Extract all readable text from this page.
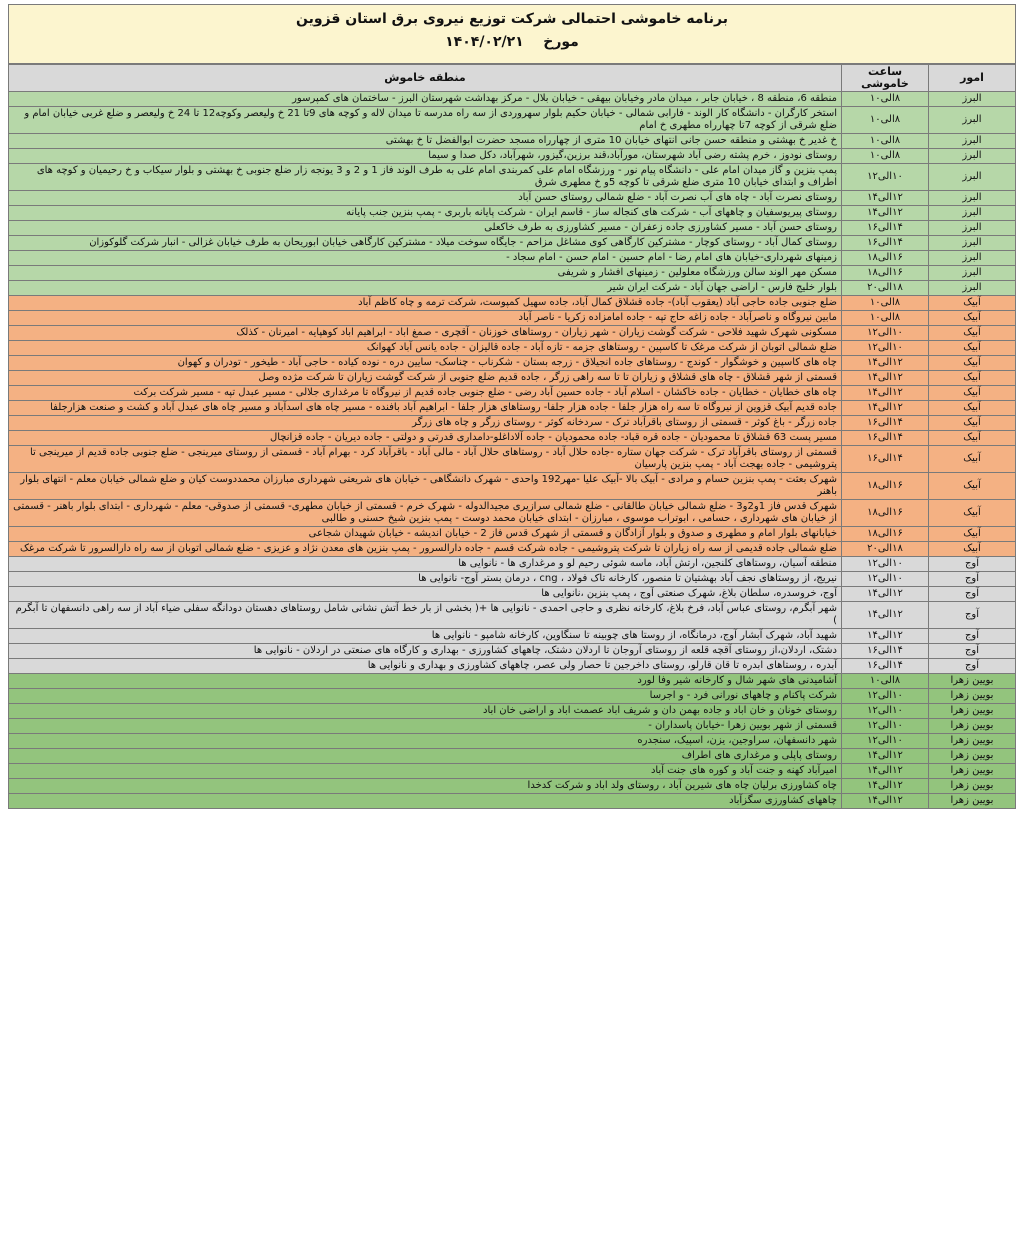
برنامه خاموشی احتمالی شرکت توزیع نیروی برق استان قزوین
مورخ    ۱۴۰۴/۰۲/۲۱
امور	ساعت خاموشی	منطقه خاموش
البرز	۸الی۱۰	منطقه 6، منطقه 8 ، خیابان جابر ، میدان مادر وخیابان بیهقی - خیابان بلال - مرکز بهداشت شهرستان البرز - ساختمان های کمپرسور
البرز	۸الی۱۰	استخر کارگران - دانشگاه کار الوند - فارابی شمالی - خیابان حکیم بلوار سهروردی از سه راه مدرسه تا میدان لاله و کوچه های 9تا 21 خ ولیعصر وکوچه12 تا 24 خ ولیعصر و ضلع غربی خیابان امام و ضلع شرقی از کوچه 7تا چهارراه مطهری خ امام
البرز	۸الی۱۰	خ غدیر خ بهشتی و منطقه حسن جانی انتهای خیابان 10 متری از چهارراه مسجد حضرت ابوالفضل تا خ بهشتی
البرز	۸الی۱۰	روستای نودوز ، خرم پشته رضی آباد شهرستان، مورآباد،قند برزین،گیزور، شهرآباد، دکل صدا و سیما
البرز	۱۰الی۱۲	پمپ بنزین و گاز میدان امام علی - دانشگاه پیام نور - ورزشگاه امام علی کمربندی امام علی به طرف الوند فاز 1 و 2 و 3 یونجه زار ضلع جنوبی خ بهشتی و بلوار سیکاب و خ رحیمیان و کوچه های اطراف و ابتدای خیابان 10 متری ضلع شرقی تا کوچه 5و خ مطهری شرق
البرز	۱۲الی۱۴	روستای نصرت آباد - چاه های آب نصرت آباد - ضلع شمالی روستای حسن آباد
البرز	۱۲الی۱۴	روستای پیریوسفیان و چاههای آب - شرکت های کنجاله ساز - قاسم ایران - شرکت پایانه باربری - پمپ بنزین جنب پایانه
البرز	۱۴الی۱۶	روستای حسن آباد - مسیر کشاورزی جاده زعفران - مسیر کشاورزی به طرف خاکعلی
البرز	۱۴الی۱۶	روستای کمال آباد - روستای کوچار - مشترکین کارگاهی کوی مشاغل مزاحم - جایگاه سوخت میلاد - مشترکین کارگاهی خیابان ابوریحان به طرف خیابان غزالی - انبار شرکت گلوکوزان
البرز	۱۶الی۱۸	زمینهای شهرداری-خیابان های امام رضا - امام حسین - امام حسن - امام سجاد -
البرز	۱۶الی۱۸	مسکن مهر الوند سالن ورزشگاه معلولین - زمینهای افشار و شریفی
البرز	۱۸الی۲۰	بلوار خلیج فارس - اراضی جهان آباد - شرکت ایران شیر
آبیک	۸الی۱۰	ضلع جنوبی جاده حاجی آباد (یعقوب آباد)- جاده قشلاق کمال آباد، جاده سهیل کمپوست، شرکت ترمه و چاه کاظم آباد
آبیک	۸الی۱۰	مابین نیروگاه و ناصرآباد - جاده زاغه حاج تپه - جاده امامزاده زکریا - ناصر آباد
آبیک	۱۰الی۱۲	مسکونی شهرک شهید فلاحی - شرکت گوشت زیاران - شهر زیاران - روستاهای خوزنان - آقچری - صمغ اباد - ابراهیم اباد کوهپایه - امیرنان - کذلک
آبیک	۱۰الی۱۲	ضلع شمالی اتوبان از شرکت مرغک تا کاسپین - روستاهای جزمه - تازه آباد - جاده قالیزان - جاده یانس آباد کهوانک
آبیک	۱۲الی۱۴	چاه های کاسپین و خوشگوار - کوندج - روستاهای جاده انجیلاق - زرجه بستان - شکرناب - چناسک- سایین دره - نوده کیاده - حاجی آباد - طیخور - تودران و کهوان
آبیک	۱۲الی۱۴	قسمتی از شهر قشلاق - چاه های قشلاق و زیاران تا تا سه راهی زرگر ، جاده قدیم ضلع جنوبی از شرکت گوشت زیاران تا شرکت مژده وصل
آبیک	۱۲الی۱۴	چاه های خطایان - خطایان - جاده خاکشان - اسلام آباد - جاده حسین آباد رضی - ضلع جنوبی جاده قدیم از نیروگاه تا مرغداری جلالی - مسیر عبدل تپه - مسیر شرکت برکت
آبیک	۱۲الی۱۴	جاده قدیم آبیک قزوین از نیروگاه تا سه راه هزار جلفا - جاده هزار جلفا- روستاهای هزار جلفا - ابراهیم آباد بافنده - مسیر چاه های اسدآباد و مسیر چاه های عبدل آباد و کشت و صنعت هزارجلفا
آبیک	۱۴الی۱۶	جاده زرگر - باغ کوثر - قسمتی از روستای باقرآباد ترک - سردخانه کوثر - روستای زرگر و چاه های زرگر
آبیک	۱۴الی۱۶	مسیر پست 63 قشلاق تا محمودیان - جاده قره قباد- جاده محمودیان - جاده آلاداغلو-دامداری قدرتی و دولتی - جاده دیریان - جاده قزانچال
آبیک	۱۴الی۱۶	قسمتی از روستای باقرآباد ترک - شرکت جهان ستاره -جاده حلال آباد - روستاهای حلال آباد - مالی آباد - باقرآباد کرد - بهرام آباد - قسمتی از روستای میرینجی - ضلع جنوبی جاده قدیم از میرینجی تا پتروشیمی - جاده بهجت آباد - پمپ بنزین پارسیان
آبیک	۱۶الی۱۸	شهرک بعثت - پمپ بنزین حسام و مرادی - آبیک بالا -آبیک علیا -مهر192 واحدی - شهرک دانشگاهی - خیابان های شریعتی شهرداری مبارزان محمددوست کیان و ضلع شمالی خیابان معلم - انتهای بلوار باهنر
آبیک	۱۶الی۱۸	شهرک قدس فاز 1و2و3 - ضلع شمالی خیابان طالقانی - ضلع شمالی سرازیری مجیدالدوله - شهرک خرم - قسمتی از خیابان مطهری- قسمتی از صدوقی- معلم - شهرداری - ابتدای بلوار باهنر - قسمتی از خیابان های شهرداری ، حسامی ، ابوتراب موسوی ، مبارزان - ابتدای خیابان محمد دوست - پمپ بنزین شیخ حسنی و طالبی
آبیک	۱۶الی۱۸	خیابانهای بلوار امام و مطهری و صدوق و بلوار آزادگان و قسمتی از شهرک قدس فاز 2 - خیابان اندیشه - خیابان شهیدان شجاعی
آبیک	۱۸الی۲۰	ضلع شمالی جاده قدیمی از سه راه زیاران تا شرکت پتروشیمی - جاده شرکت قسم - جاده دارالسرور - پمپ بنزین های معدن نژاد و عزیزی - ضلع شمالی اتوبان از سه راه دارالسرور تا شرکت مرغک
آوج	۱۰الی۱۲	منطقه آسیان، روستاهای کلنجین، ارتش آباد، ماسه شوئی رحیم لو و مرغداری ها - نانوایی ها
آوج	۱۰الی۱۲	نیریج، از روستاهای نجف آباد بهشتیان تا منصور، کارخانه تاک فولاد ، cng ، درمان بستر آوج- نانوایی ها
آوج	۱۲الی۱۴	آوج، خروسدره، سلطان بلاغ، شهرک صنعتی آوج ، پمپ بنزین ،نانوایی ها
آوج	۱۲الی۱۴	شهر آبگرم، روستای عباس آباد، فرخ بلاغ، کارخانه نظری و حاجی احمدی - نانوایی ها +( بخشی از بار خط آتش نشانی شامل روستاهای دهستان دودانگه سفلی ضیاء آباد از سه راهی دانسفهان تا آبگرم )
آوج	۱۲الی۱۴	شهید آباد، شهرک آبشار آوج، درمانگاه، از روستا های چوبینه تا سنگاوین، کارخانه شامپو - نانوایی ها
آوج	۱۴الی۱۶	دشتک، اردلان،از روستای آقچه قلعه از روستای آروجان تا اردلان دشتک، چاههای کشاورزی - بهداری و کارگاه های صنعتی در اردلان - نانوایی ها
آوج	۱۴الی۱۶	آبدره ، روستاهای ابدره تا قان قارلو، روستای داخرجین تا حصار ولی عصر، چاههای کشاورزی و بهداری و نانوایی ها
بویین زهرا	۸الی۱۰	آشامیدنی های شهر شال و کارخانه شیر وفا لورد
بویین زهرا	۱۰الی۱۲	شرکت پاکنام و چاههای نورانی فرد - و اجرسا
بویین زهرا	۱۰الی۱۲	روستای خونان و خان اباد و جاده بهمن دان و شریف اباد عصمت اباد و اراضی خان اباد
بویین زهرا	۱۰الی۱۲	قسمتی از شهر بویین زهرا -خیابان پاسداران -
بویین زهرا	۱۰الی۱۲	شهر دانسفهان، سراوجین، یزن، اسپیک، سنجدره
بویین زهرا	۱۲الی۱۴	روستای پاپلی و مرغداری های اطراف
بویین زهرا	۱۲الی۱۴	امیرآباد کهنه و جنت آباد و کوره های جنت آباد
بویین زهرا	۱۲الی۱۴	چاه کشاورزی برلیان چاه های شیرین آباد ، روستای ولد اباد و شرکت کدخدا
بویین زهرا	۱۲الی۱۴	چاههای کشاورزی سگزآباد
